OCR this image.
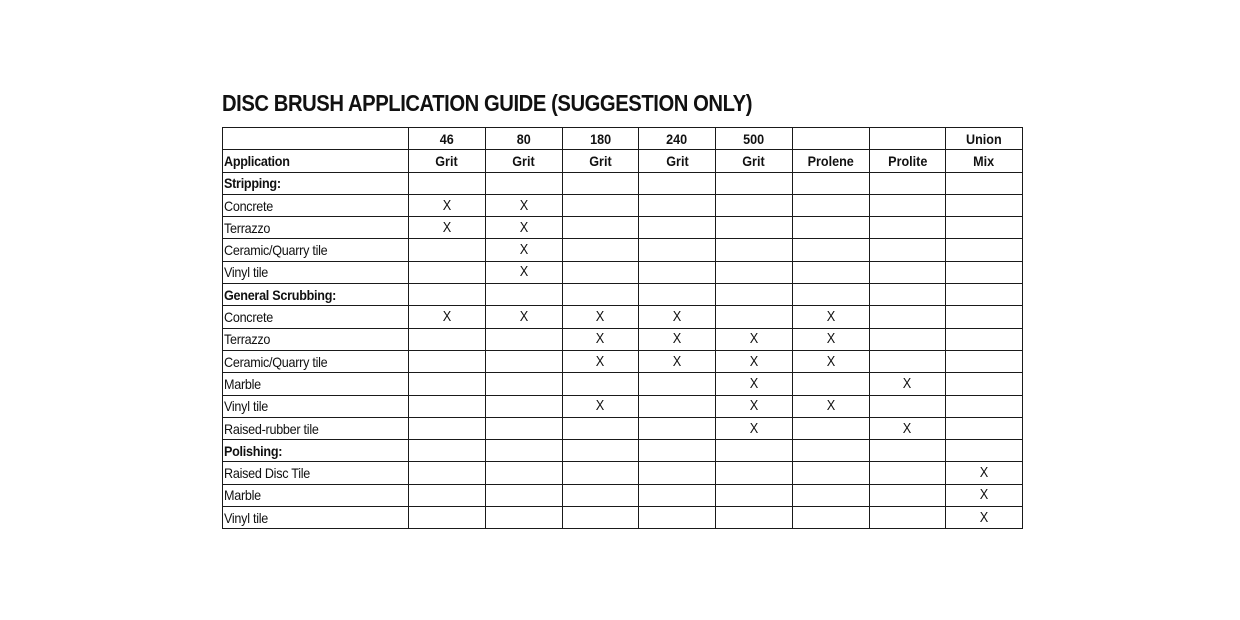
DISC BRUSH APPLICATION GUIDE (SUGGESTION ONLY)
	46	80	180	240	500			Union
Application	Grit	Grit	Grit	Grit	Grit	Prolene	Prolite	Mix
Stripping:								
Concrete	X	X						
Terrazzo	X	X						
Ceramic/Quarry tile		X						
Vinyl tile		X						
General Scrubbing:								
Concrete	X	X	X	X		X		
Terrazzo			X	X	X	X		
Ceramic/Quarry tile			X	X	X	X		
Marble					X		X	
Vinyl tile			X		X	X		
Raised-rubber tile					X		X	
Polishing:								
Raised Disc Tile								X
Marble								X
Vinyl tile								X
